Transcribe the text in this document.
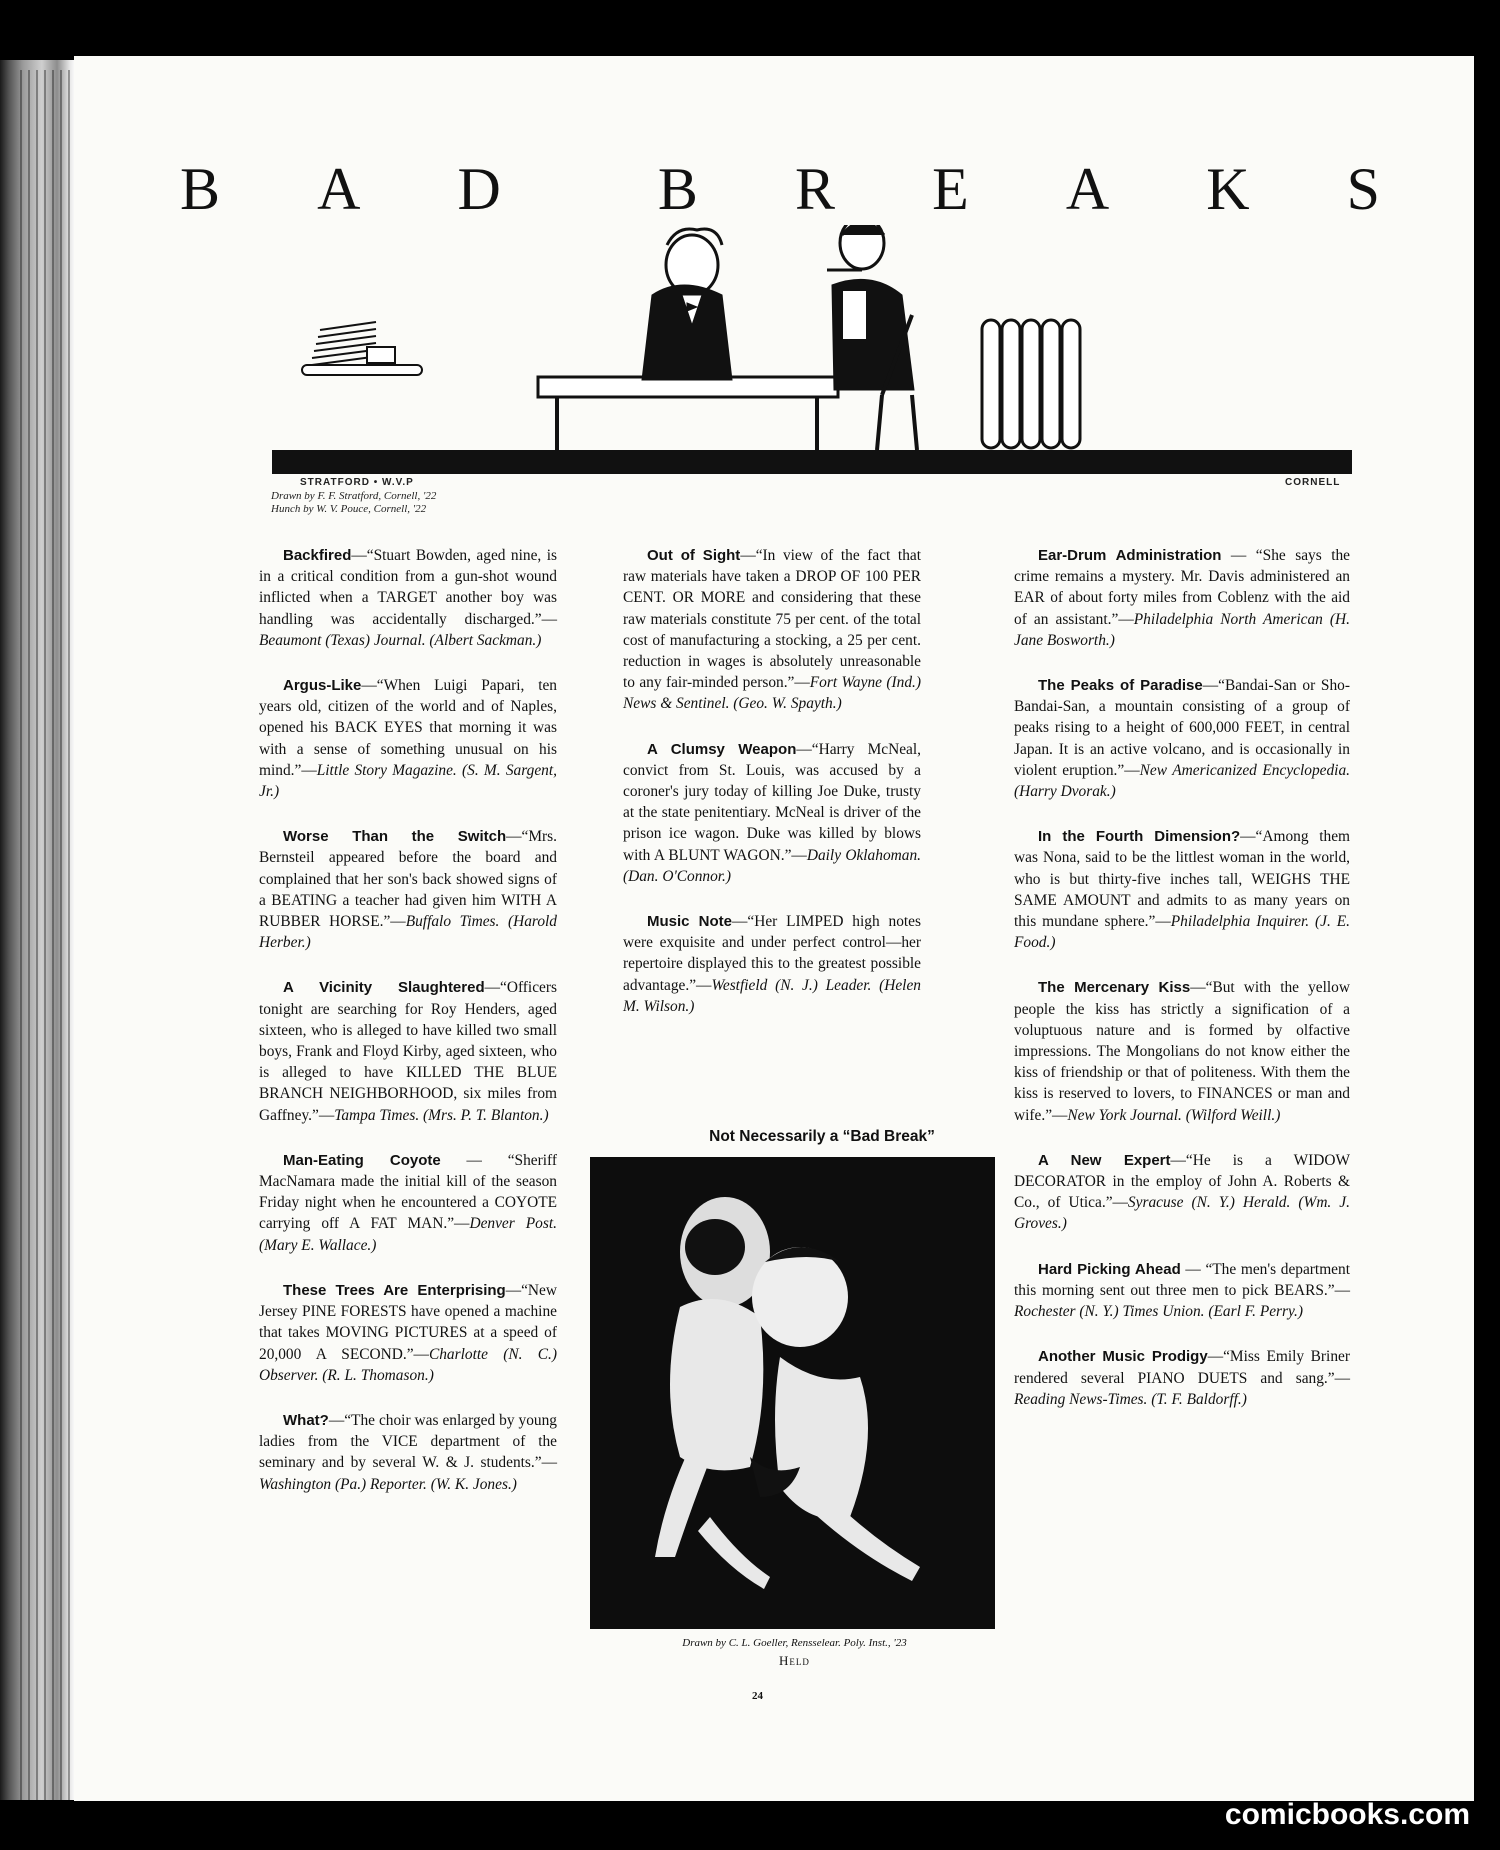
B A D	B R E A K S
STRATFORD • W.V.P	CORNELL
Drawn by F. F. Stratford, Cornell, '22
Hunch by W. V. Pouce, Cornell, '22

Backfired—“Stuart Bowden, aged nine, is in a critical condition from a gun-shot wound inflicted when a TARGET another boy was handling was accidentally discharged.”—Beaumont (Texas) Journal. (Albert Sackman.)

Argus-Like—“When Luigi Papari, ten years old, citizen of the world and of Naples, opened his BACK EYES that morning it was with a sense of something unusual on his mind.”—Little Story Magazine. (S. M. Sargent, Jr.)

Worse Than the Switch—“Mrs. Bernsteil appeared before the board and complained that her son's back showed signs of a BEATING a teacher had given him WITH A RUBBER HORSE.”—Buffalo Times. (Harold Herber.)

A Vicinity Slaughtered—“Officers tonight are searching for Roy Henders, aged sixteen, who is alleged to have killed two small boys, Frank and Floyd Kirby, aged sixteen, who is alleged to have KILLED THE BLUE BRANCH NEIGHBORHOOD, six miles from Gaffney.”—Tampa Times. (Mrs. P. T. Blanton.)

Man-Eating Coyote — “Sheriff MacNamara made the initial kill of the season Friday night when he encountered a COYOTE carrying off A FAT MAN.”—Denver Post. (Mary E. Wallace.)

These Trees Are Enterprising—“New Jersey PINE FORESTS have opened a machine that takes MOVING PICTURES at a speed of 20,000 A SECOND.”—Charlotte (N. C.) Observer. (R. L. Thomason.)

What?—“The choir was enlarged by young ladies from the VICE department of the seminary and by several W. & J. students.”—Washington (Pa.) Reporter. (W. K. Jones.)

Out of Sight—“In view of the fact that raw materials have taken a DROP OF 100 PER CENT. OR MORE and considering that these raw materials constitute 75 per cent. of the total cost of manufacturing a stocking, a 25 per cent. reduction in wages is absolutely unreasonable to any fair-minded person.”—Fort Wayne (Ind.) News & Sentinel. (Geo. W. Spayth.)

A Clumsy Weapon—“Harry McNeal, convict from St. Louis, was accused by a coroner's jury today of killing Joe Duke, trusty at the state penitentiary. McNeal is driver of the prison ice wagon. Duke was killed by blows with A BLUNT WAGON.”—Daily Oklahoman. (Dan. O'Connor.)

Music Note—“Her LIMPED high notes were exquisite and under perfect control—her repertoire displayed this to the greatest possible advantage.”—Westfield (N. J.) Leader. (Helen M. Wilson.)

Not Necessarily a “Bad Break”
Drawn by C. L. Goeller, Rensselear. Poly. Inst., '23
Held

Ear-Drum Administration — “She says the crime remains a mystery. Mr. Davis administered an EAR of about forty miles from Coblenz with the aid of an assistant.”—Philadelphia North American (H. Jane Bosworth.)

The Peaks of Paradise—“Bandai-San or Sho-Bandai-San, a mountain consisting of a group of peaks rising to a height of 600,000 FEET, in central Japan. It is an active volcano, and is occasionally in violent eruption.”—New Americanized Encyclopedia. (Harry Dvorak.)

In the Fourth Dimension?—“Among them was Nona, said to be the littlest woman in the world, who is but thirty-five inches tall, WEIGHS THE SAME AMOUNT and admits to as many years on this mundane sphere.”—Philadelphia Inquirer. (J. E. Food.)

The Mercenary Kiss—“But with the yellow people the kiss has strictly a signification of a voluptuous nature and is formed by olfactive impressions. The Mongolians do not know either the kiss of friendship or that of politeness. With them the kiss is reserved to lovers, to FINANCES or man and wife.”—New York Journal. (Wilford Weill.)

A New Expert—“He is a WIDOW DECORATOR in the employ of John A. Roberts & Co., of Utica.”—Syracuse (N. Y.) Herald. (Wm. J. Groves.)

Hard Picking Ahead — “The men's department this morning sent out three men to pick BEARS.”—Rochester (N. Y.) Times Union. (Earl F. Perry.)

Another Music Prodigy—“Miss Emily Briner rendered several PIANO DUETS and sang.”—Reading News-Times. (T. F. Baldorff.)

24
comicbooks.com
